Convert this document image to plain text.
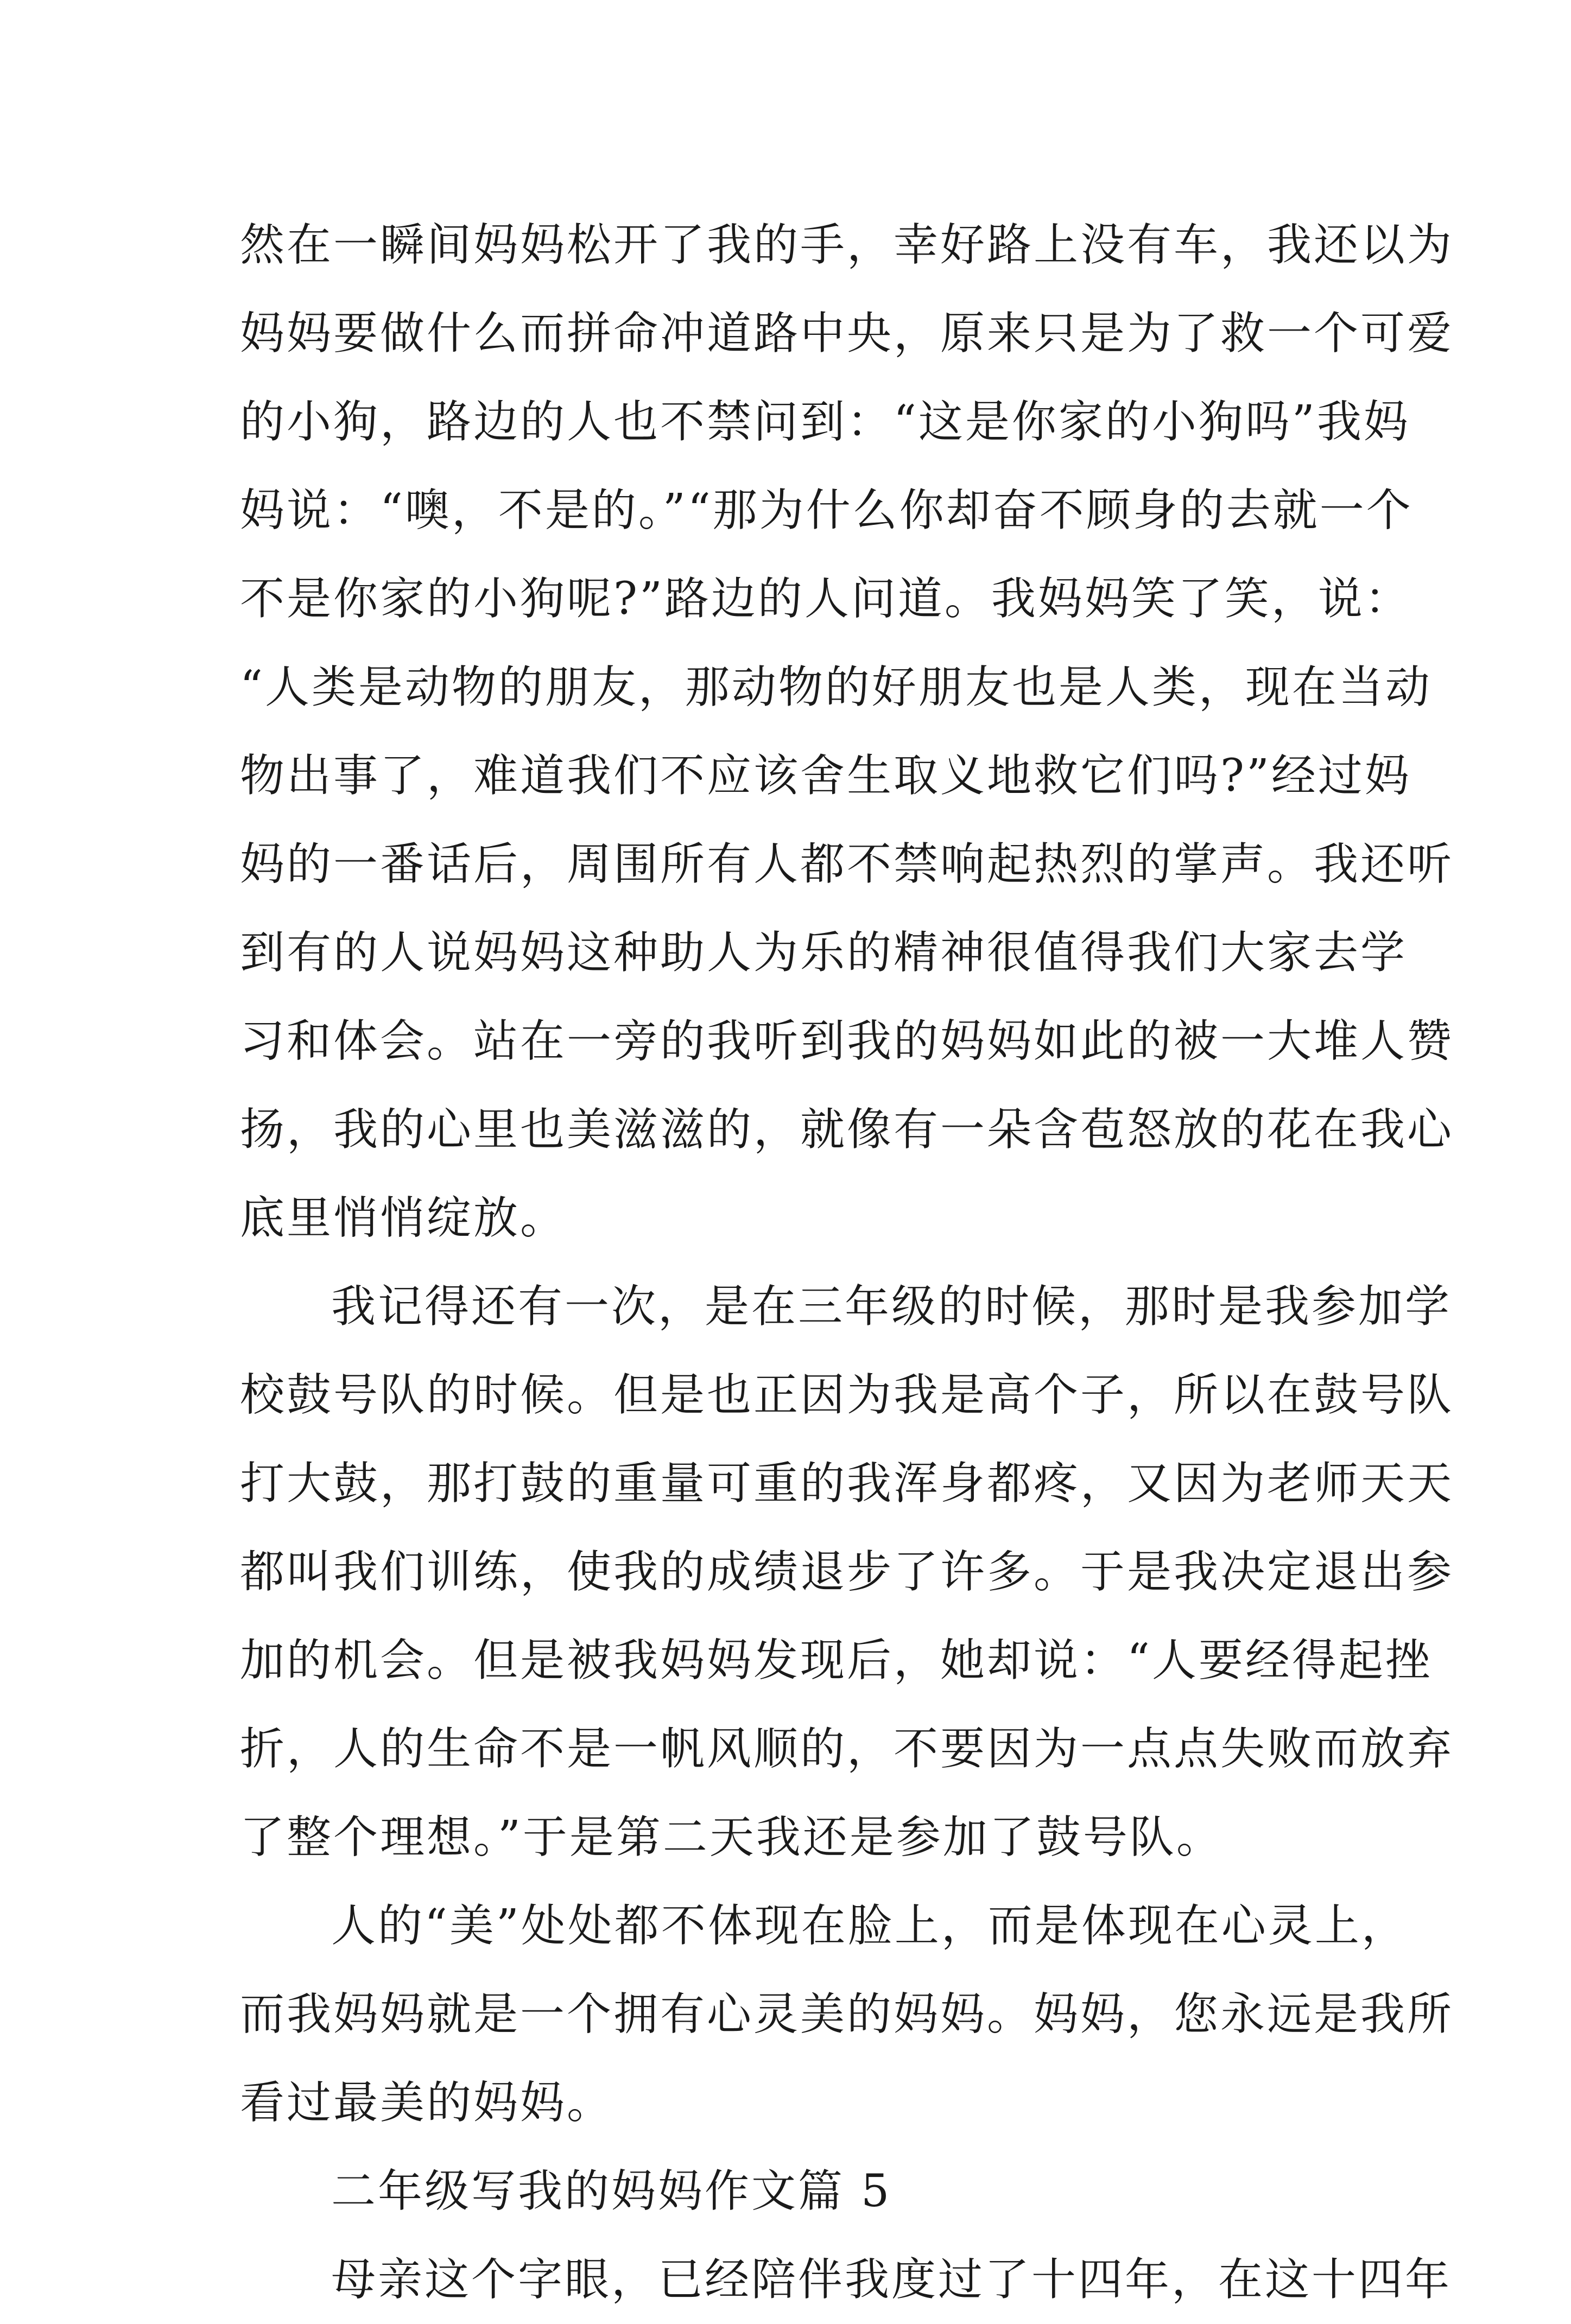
然在一瞬间妈妈松开了我的手，幸好路上没有车，我还以为
妈妈要做什么而拼命冲道路中央，原来只是为了救一个可爱
的小狗，路边的人也不禁问到：“这是你家的小狗吗”我妈
妈说：“噢，不是的。”“那为什么你却奋不顾身的去就一个
不是你家的小狗呢?”路边的人问道。我妈妈笑了笑，说：
“人类是动物的朋友，那动物的好朋友也是人类，现在当动
物出事了，难道我们不应该舍生取义地救它们吗?”经过妈
妈的一番话后，周围所有人都不禁响起热烈的掌声。我还听
到有的人说妈妈这种助人为乐的精神很值得我们大家去学
习和体会。站在一旁的我听到我的妈妈如此的被一大堆人赞
扬，我的心里也美滋滋的，就像有一朵含苞怒放的花在我心
底里悄悄绽放。
我记得还有一次，是在三年级的时候，那时是我参加学
校鼓号队的时候。但是也正因为我是高个子，所以在鼓号队
打大鼓，那打鼓的重量可重的我浑身都疼，又因为老师天天
都叫我们训练，使我的成绩退步了许多。于是我决定退出参
加的机会。但是被我妈妈发现后，她却说：“人要经得起挫
折，人的生命不是一帆风顺的，不要因为一点点失败而放弃
了整个理想。”于是第二天我还是参加了鼓号队。
人的“美”处处都不体现在脸上，而是体现在心灵上，
而我妈妈就是一个拥有心灵美的妈妈。妈妈，您永远是我所
看过最美的妈妈。
二年级写我的妈妈作文篇 5
母亲这个字眼，已经陪伴我度过了十四年，在这十四年
